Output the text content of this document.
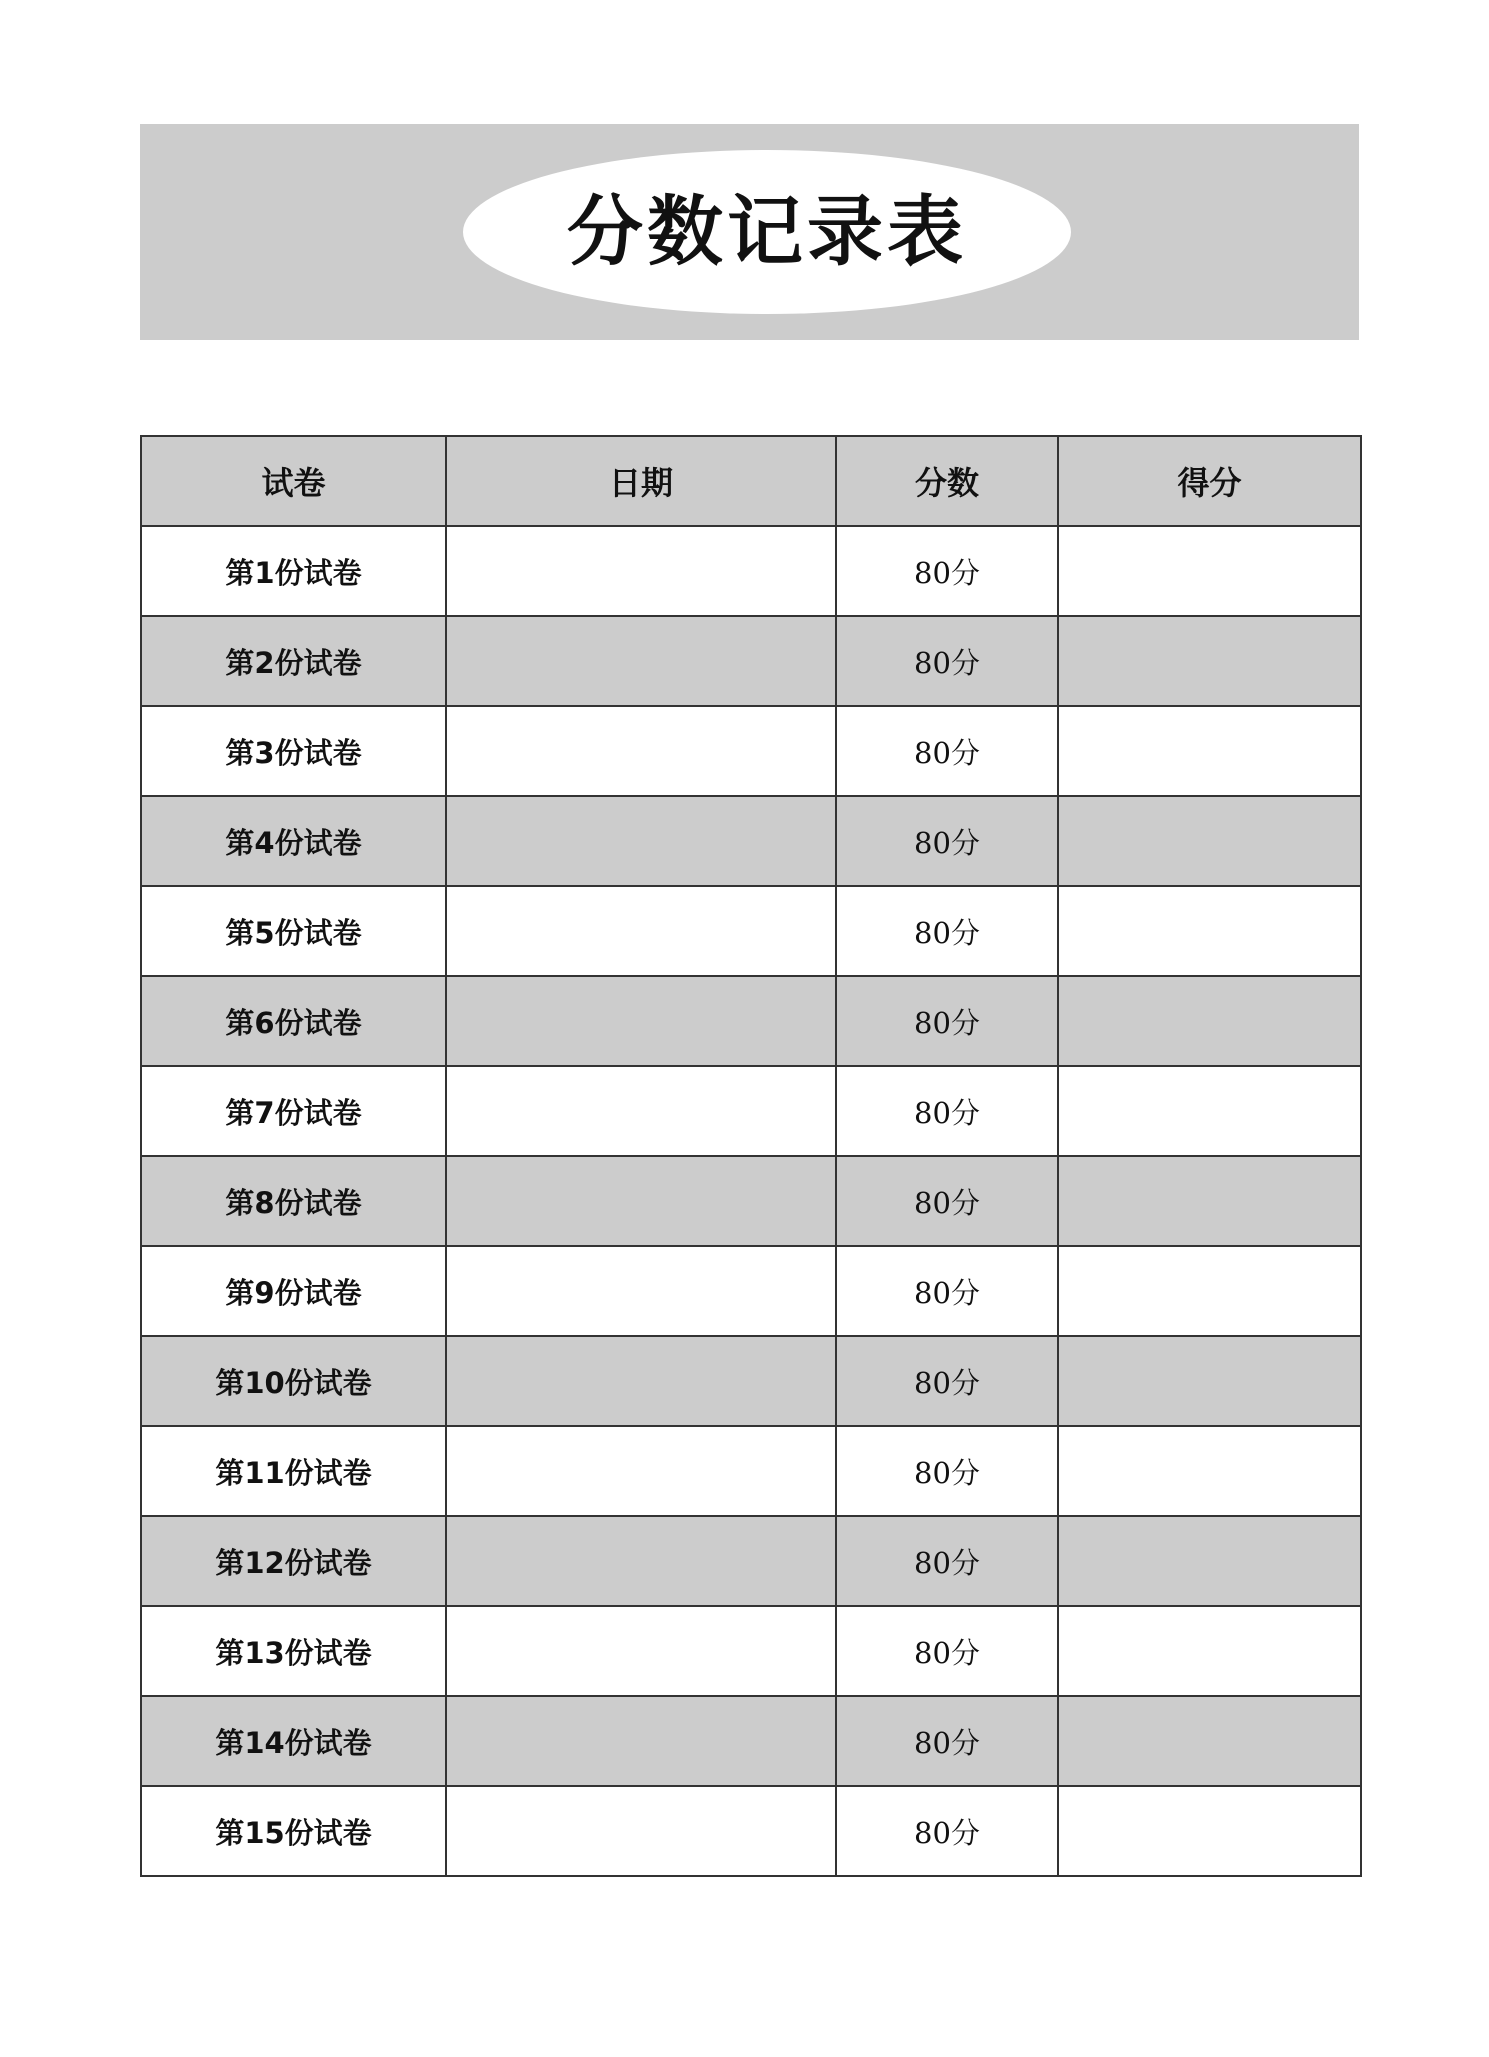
分数记录表
试卷	日期	分数	得分
第1份试卷		80分	
第2份试卷		80分	
第3份试卷		80分	
第4份试卷		80分	
第5份试卷		80分	
第6份试卷		80分	
第7份试卷		80分	
第8份试卷		80分	
第9份试卷		80分	
第10份试卷		80分	
第11份试卷		80分	
第12份试卷		80分	
第13份试卷		80分	
第14份试卷		80分	
第15份试卷		80分	
